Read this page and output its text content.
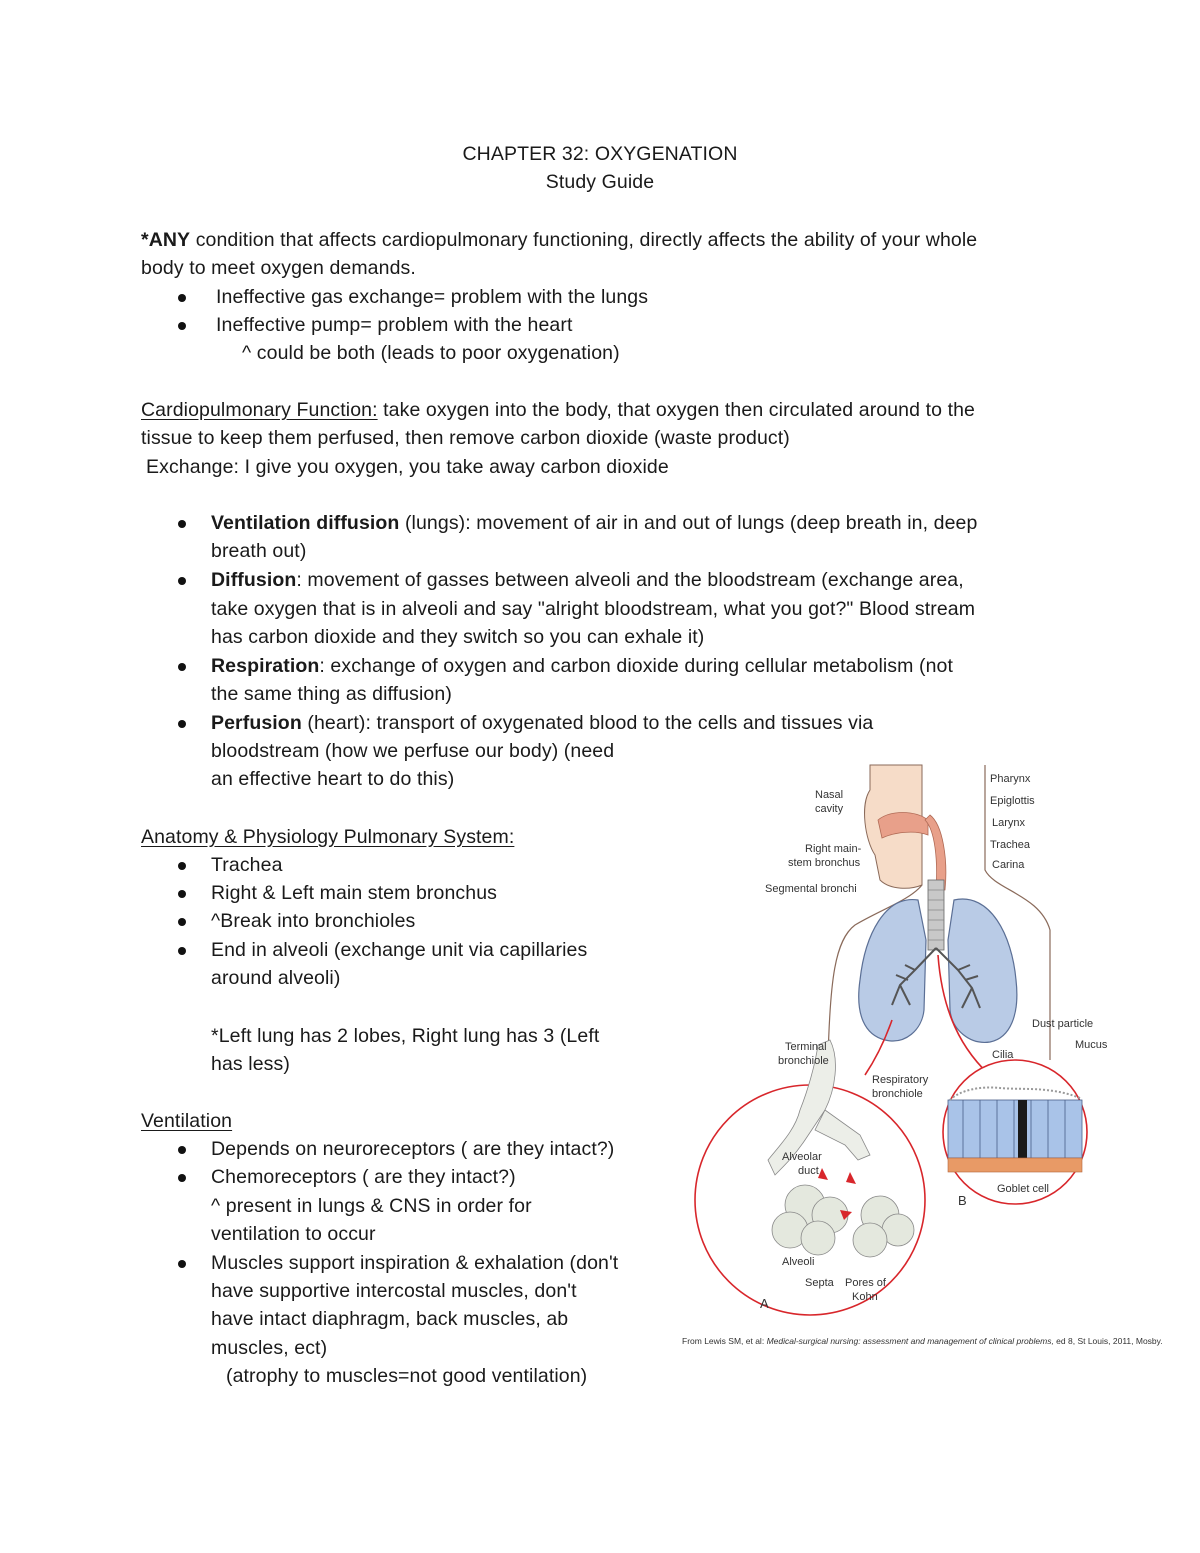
CHAPTER 32: OXYGENATION
Study Guide
*ANY condition that affects cardiopulmonary functioning, directly affects the ability of your whole
body to meet oxygen demands.
Ineffective gas exchange= problem with the lungs
Ineffective pump= problem with the heart
^ could be both (leads to poor oxygenation)
Cardiopulmonary Function: take oxygen into the body, that oxygen then circulated around to the
tissue to keep them perfused, then remove carbon dioxide (waste product)
Exchange: I give you oxygen, you take away carbon dioxide
Ventilation diffusion (lungs): movement of air in and out of lungs (deep breath in, deep
breath out)
Diffusion: movement of gasses between alveoli and the bloodstream (exchange area,
take oxygen that is in alveoli and say "alright bloodstream, what you got?" Blood stream
has carbon dioxide and they switch so you can exhale it)
Respiration: exchange of oxygen and carbon dioxide during cellular metabolism (not
the same thing as diffusion)
Perfusion (heart): transport of oxygenated blood to the cells and tissues via
bloodstream (how we perfuse our body) (need
an effective heart to do this)
Anatomy & Physiology Pulmonary System:
Trachea
Right & Left main stem bronchus
^Break into bronchioles
End in alveoli (exchange unit via capillaries
around alveoli)
*Left lung has 2 lobes, Right lung has 3 (Left
has less)
Ventilation
Depends on neuroreceptors ( are they intact?)
Chemoreceptors ( are they intact?)
^ present in lungs & CNS in order for
ventilation to occur
Muscles support inspiration & exhalation (don't
have supportive intercostal muscles, don't
have intact diaphragm, back muscles, ab
muscles, ect)
(atrophy to muscles=not good ventilation)
Nasal
cavity
Pharynx
Epiglottis
Larynx
Trachea
Carina
Right main-
stem bronchus
Segmental bronchi
Terminal
bronchiole
Respiratory
bronchiole
Dust particle
Cilia
Mucus
Goblet cell
Alveolar
duct
Alveoli
Septa Pores of
Kohn
A
B
From Lewis SM, et al: Medical-surgical nursing: assessment and management of clinical problems, ed 8, St Louis, 2011, Mosby.
